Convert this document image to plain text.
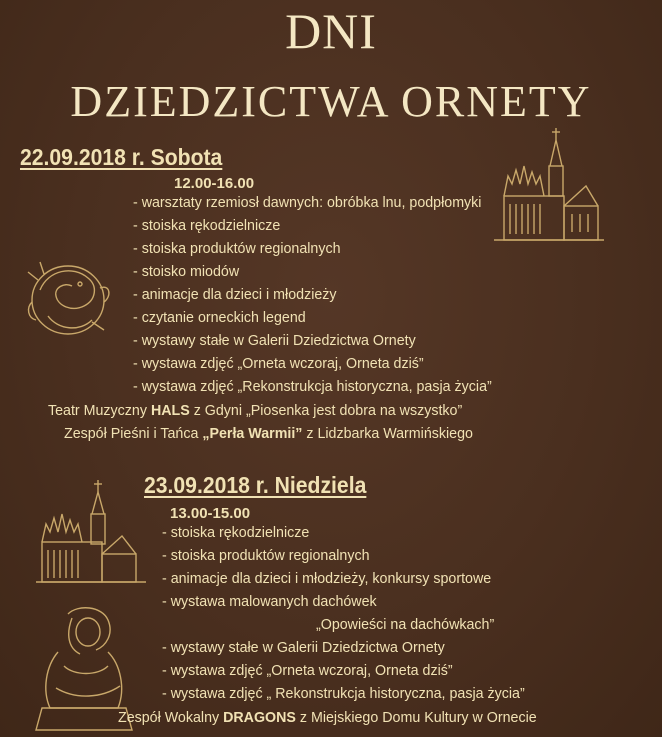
DNI
DZIEDZICTWA ORNETY
22.09.2018 r. Sobota
12.00-16.00
- warsztaty rzemiosł dawnych: obróbka lnu, podpłomyki
- stoiska rękodzielnicze
- stoiska produktów regionalnych
- stoisko miodów
- animacje dla dzieci i młodzieży
- czytanie orneckich legend
- wystawy stałe w Galerii Dziedzictwa Ornety
- wystawa zdjęć „Orneta wczoraj, Orneta dziś”
- wystawa zdjęć „Rekonstrukcja historyczna, pasja życia”
Teatr Muzyczny HALS z Gdyni „Piosenka jest dobra na wszystko”
Zespół Pieśni i Tańca „Perła Warmii” z Lidzbarka Warmińskiego
23.09.2018 r. Niedziela
13.00-15.00
- stoiska rękodzielnicze
- stoiska produktów regionalnych
- animacje dla dzieci i młodzieży, konkursy sportowe
- wystawa malowanych dachówek
„Opowieści na dachówkach”
- wystawy stałe w Galerii Dziedzictwa Ornety
- wystawa zdjęć „Orneta wczoraj, Orneta dziś”
- wystawa zdjęć „ Rekonstrukcja historyczna, pasja życia”
Zespół Wokalny DRAGONS z Miejskiego Domu Kultury w Ornecie
